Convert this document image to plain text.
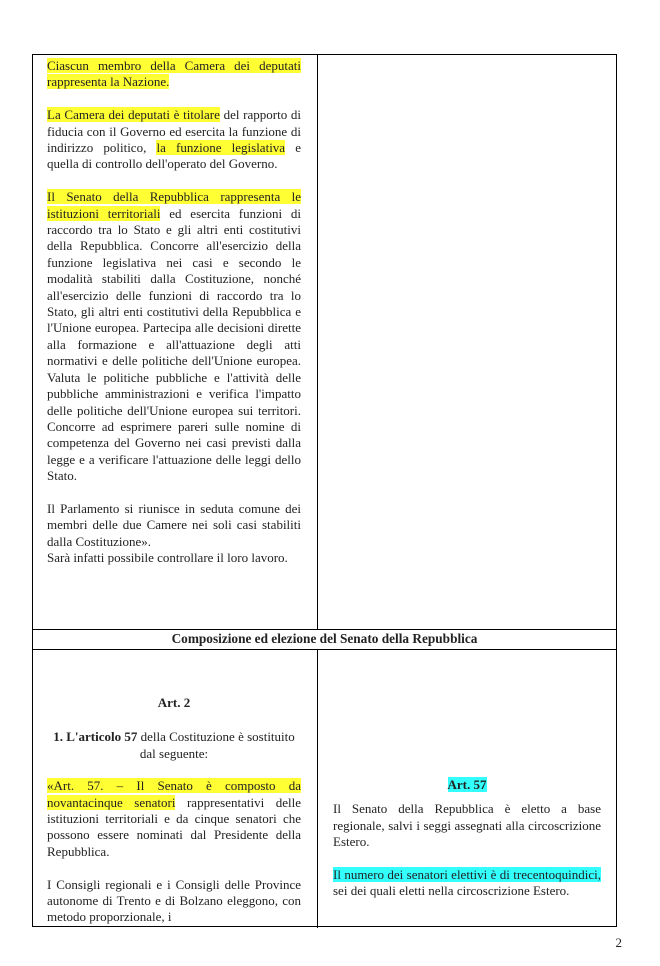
Ciascun membro della Camera dei deputati rappresenta la Nazione.

La Camera dei deputati è titolare del rapporto di fiducia con il Governo ed esercita la funzione di indirizzo politico, la funzione legislativa e quella di controllo dell'operato del Governo.

Il Senato della Repubblica rappresenta le istituzioni territoriali ed esercita funzioni di raccordo tra lo Stato e gli altri enti costitutivi della Repubblica. Concorre all'esercizio della funzione legislativa nei casi e secondo le modalità stabiliti dalla Costituzione, nonché all'esercizio delle funzioni di raccordo tra lo Stato, gli altri enti costitutivi della Repubblica e l'Unione europea. Partecipa alle decisioni dirette alla formazione e all'attuazione degli atti normativi e delle politiche dell'Unione europea. Valuta le politiche pubbliche e l'attività delle pubbliche amministrazioni e verifica l'impatto delle politiche dell'Unione europea sui territori. Concorre ad esprimere pareri sulle nomine di competenza del Governo nei casi previsti dalla legge e a verificare l'attuazione delle leggi dello Stato.

Il Parlamento si riunisce in seduta comune dei membri delle due Camere nei soli casi stabiliti dalla Costituzione».

Sarà infatti possibile controllare il loro lavoro.

Composizione ed elezione del Senato della Repubblica
Art. 2
1. L'articolo 57 della Costituzione è sostituito dal seguente:

«Art. 57. – Il Senato è composto da novantacinque senatori rappresentativi delle istituzioni territoriali e da cinque senatori che possono essere nominati dal Presidente della Repubblica.

I Consigli regionali e i Consigli delle Province autonome di Trento e di Bolzano eleggono, con metodo proporzionale, i

Art. 57

Il Senato della Repubblica è eletto a base regionale, salvi i seggi assegnati alla circoscrizione Estero.

Il numero dei senatori elettivi è di trecentoquindici, sei dei quali eletti nella circoscrizione Estero.

2
